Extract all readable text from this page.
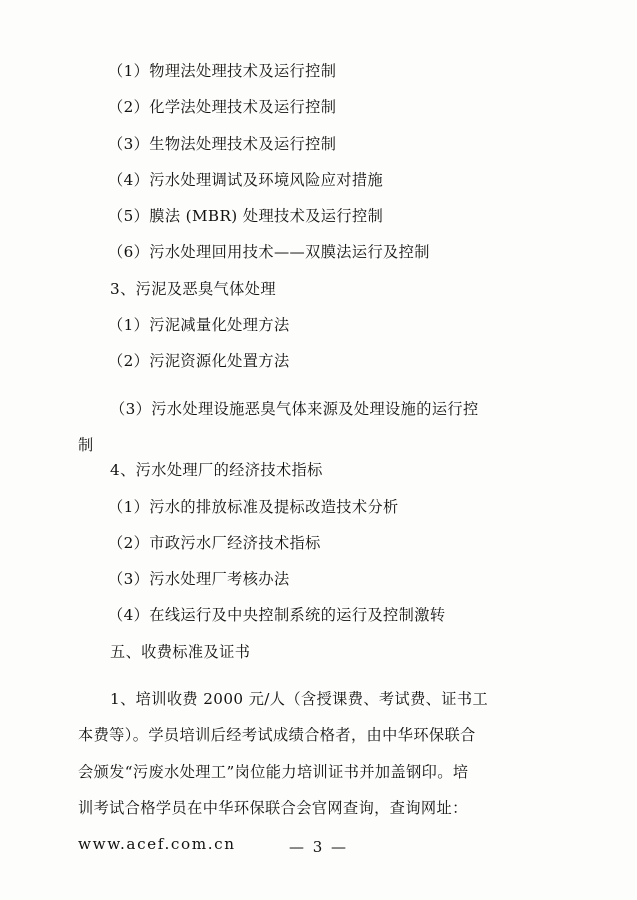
（1）物理法处理技术及运行控制
（2）化学法处理技术及运行控制
（3）生物法处理技术及运行控制
（4）污水处理调试及环境风险应对措施
（5）膜法 (MBR) 处理技术及运行控制
（6）污水处理回用技术——双膜法运行及控制
3、污泥及恶臭气体处理
（1）污泥减量化处理方法
（2）污泥资源化处置方法
（3）污水处理设施恶臭气体来源及处理设施的运行控
制
4、污水处理厂的经济技术指标
（1）污水的排放标准及提标改造技术分析
（2）市政污水厂经济技术指标
（3）污水处理厂考核办法
（4）在线运行及中央控制系统的运行及控制激转
五、收费标准及证书
1、培训收费 2000 元/人（含授课费、考试费、证书工
本费等）。学员培训后经考试成绩合格者，由中华环保联合
会颁发“污废水处理工”岗位能力培训证书并加盖钢印。培
训考试合格学员在中华环保联合会官网查询，查询网址：
www.acef.com.cn	— 3 —
